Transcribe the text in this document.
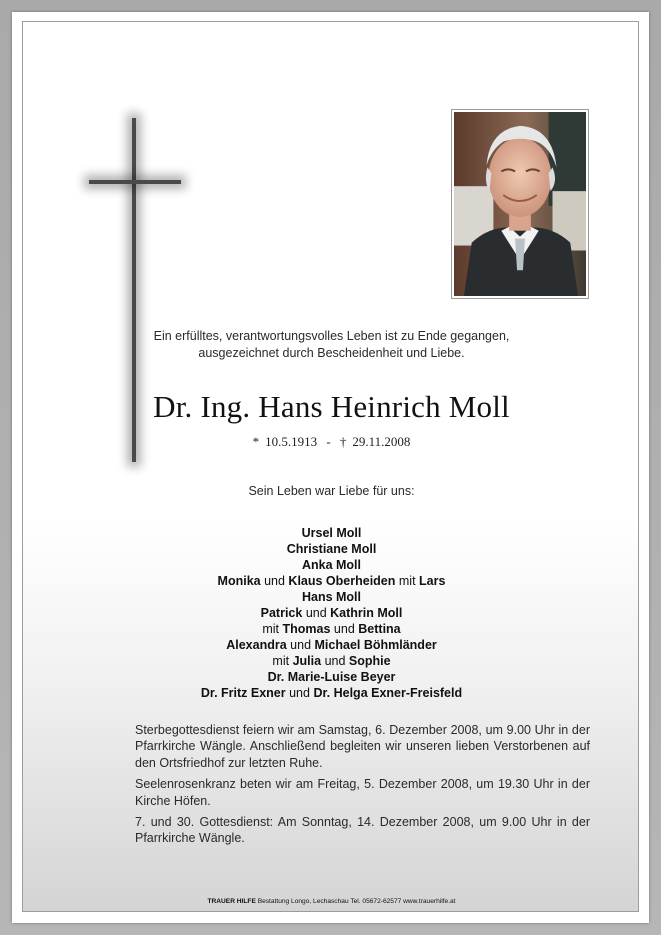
Ein erfülltes, verantwortungsvolles Leben ist zu Ende gegangen,
ausgezeichnet durch Bescheidenheit und Liebe.
Dr. Ing. Hans Heinrich Moll
* 10.5.1913 - † 29.11.2008
Sein Leben war Liebe für uns:
Ursel Moll
Christiane Moll
Anka Moll
Monika und Klaus Oberheiden mit Lars
Hans Moll
Patrick und Kathrin Moll
mit Thomas und Bettina
Alexandra und Michael Böhmländer
mit Julia und Sophie
Dr. Marie-Luise Beyer
Dr. Fritz Exner und Dr. Helga Exner-Freisfeld

Sterbegottesdienst feiern wir am Samstag, 6. Dezember 2008, um 9.00 Uhr in der Pfarrkirche Wängle. Anschließend begleiten wir unseren lieben Verstorbenen auf den Ortsfriedhof zur letzten Ruhe.

Seelenrosenkranz beten wir am Freitag, 5. Dezember 2008, um 19.30 Uhr in der Kirche Höfen.

7. und 30. Gottesdienst: Am Sonntag, 14. Dezember 2008, um 9.00 Uhr in der Pfarrkirche Wängle.

TRAUER HILFE Bestattung Longo, Lechaschau Tel. 05672-62577 www.trauerhilfe.at
